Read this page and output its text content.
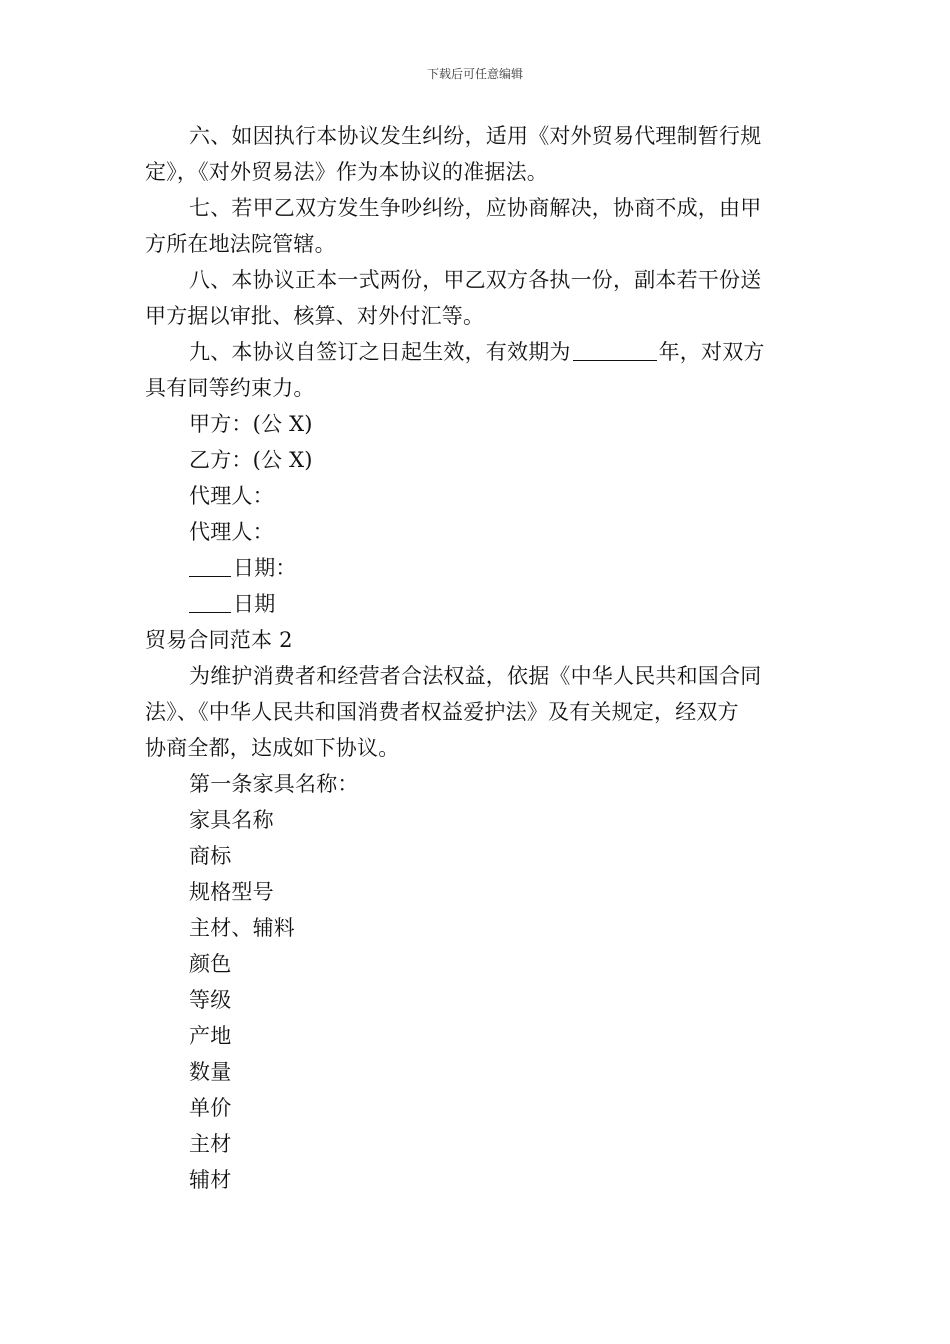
下载后可任意编辑
六、如因执行本协议发生纠纷，适用《对外贸易代理制暂行规
定》，《对外贸易法》作为本协议的准据法。
七、若甲乙双方发生争吵纠纷，应协商解决，协商不成，由甲
方所在地法院管辖。
八、本协议正本一式两份，甲乙双方各执一份，副本若干份送
甲方据以审批、核算、对外付汇等。
九、本协议自签订之日起生效，有效期为	年，对双方
具有同等约束力。
甲方：(公 X)
乙方：(公 X)
代理人：
代理人：
日期：
日期
贸易合同范本 2
为维护消费者和经营者合法权益，依据《中华人民共和国合同
法》、《中华人民共和国消费者权益爱护法》及有关规定，经双方
协商全都，达成如下协议。
第一条家具名称：
家具名称
商标
规格型号
主材、辅料
颜色
等级
产地
数量
单价
主材
辅材
